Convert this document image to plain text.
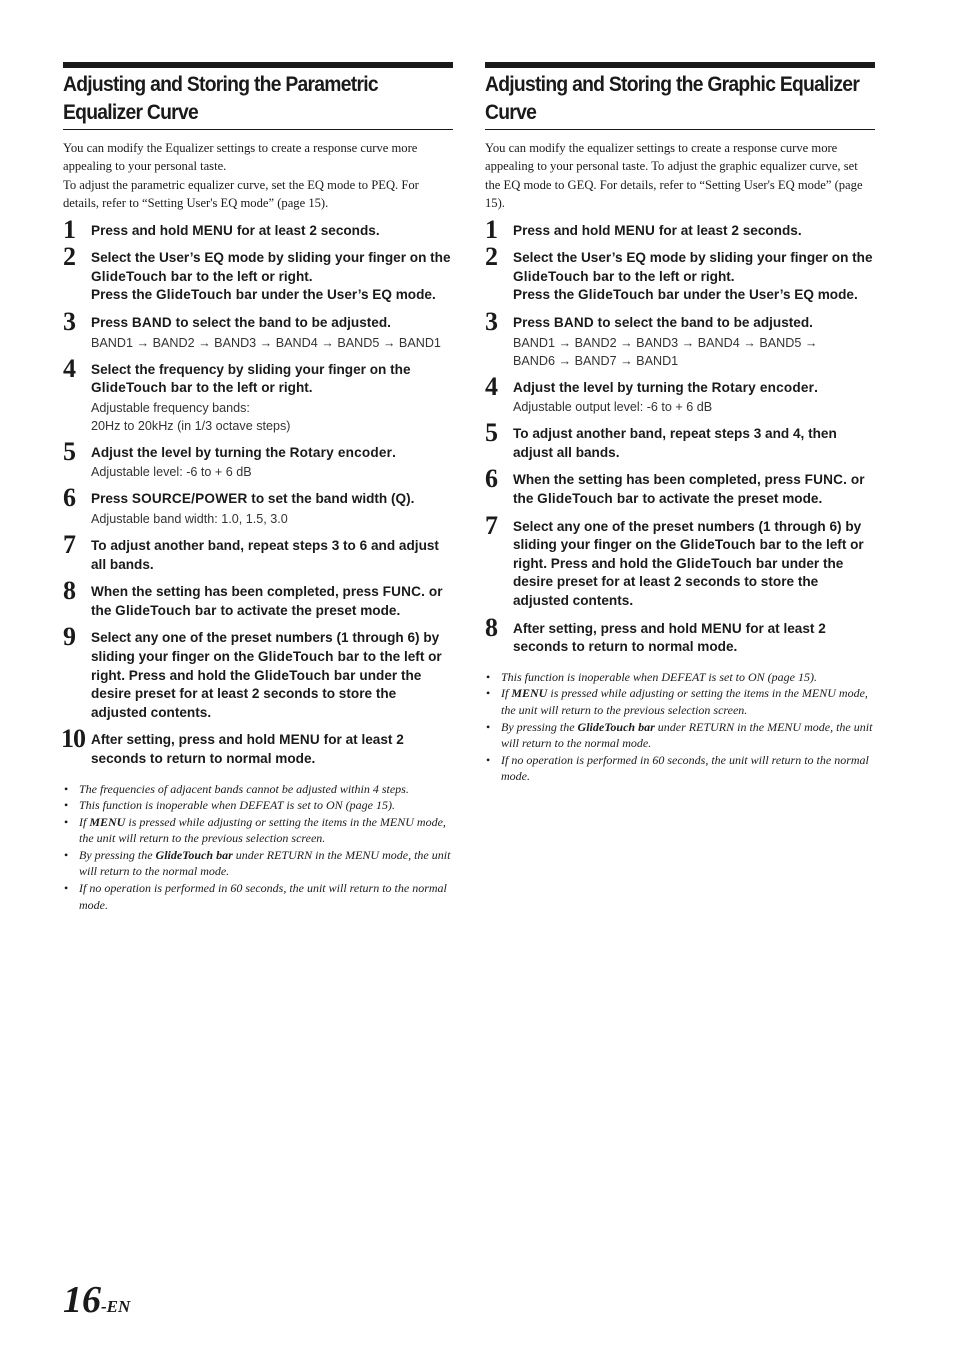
Adjusting and Storing the Parametric Equalizer Curve

You can modify the Equalizer settings to create a response curve more appealing to your personal taste.

To adjust the parametric equalizer curve, set the EQ mode to PEQ. For details, refer to “Setting User's EQ mode” (page 15).

1 Press and hold MENU for at least 2 seconds.
2 Select the User’s EQ mode by sliding your finger on the GlideTouch bar to the left or right.
Press the GlideTouch bar under the User’s EQ mode.
3 Press BAND to select the band to be adjusted.
BAND1 → BAND2 → BAND3 → BAND4 → BAND5 → BAND1
4 Select the frequency by sliding your finger on the GlideTouch bar to the left or right.
Adjustable frequency bands:
20Hz to 20kHz (in 1/3 octave steps)
5 Adjust the level by turning the Rotary encoder.
Adjustable level: -6 to + 6 dB
6 Press SOURCE/POWER to set the band width (Q).
Adjustable band width: 1.0, 1.5, 3.0
7 To adjust another band, repeat steps 3 to 6 and adjust all bands.
8 When the setting has been completed, press FUNC. or the GlideTouch bar to activate the preset mode.
9 Select any one of the preset numbers (1 through 6) by sliding your finger on the GlideTouch bar to the left or right. Press and hold the GlideTouch bar under the desire preset for at least 2 seconds to store the adjusted contents.
10 After setting, press and hold MENU for at least 2 seconds to return to normal mode.
• The frequencies of adjacent bands cannot be adjusted within 4 steps.
• This function is inoperable when DEFEAT is set to ON (page 15).
• If MENU is pressed while adjusting or setting the items in the MENU mode, the unit will return to the previous selection screen.
• By pressing the GlideTouch bar under RETURN in the MENU mode, the unit will return to the normal mode.
• If no operation is performed in 60 seconds, the unit will return to the normal mode.
Adjusting and Storing the Graphic Equalizer Curve

You can modify the equalizer settings to create a response curve more appealing to your personal taste. To adjust the graphic equalizer curve, set the EQ mode to GEQ. For details, refer to “Setting User's EQ mode” (page 15).

1 Press and hold MENU for at least 2 seconds.
2 Select the User’s EQ mode by sliding your finger on the GlideTouch bar to the left or right.
Press the GlideTouch bar under the User’s EQ mode.
3 Press BAND to select the band to be adjusted.
BAND1 → BAND2 → BAND3 → BAND4 → BAND5 →
BAND6 → BAND7 → BAND1
4 Adjust the level by turning the Rotary encoder.
Adjustable output level: -6 to + 6 dB
5 To adjust another band, repeat steps 3 and 4, then adjust all bands.
6 When the setting has been completed, press FUNC. or the GlideTouch bar to activate the preset mode.
7 Select any one of the preset numbers (1 through 6) by sliding your finger on the GlideTouch bar to the left or right. Press and hold the GlideTouch bar under the desire preset for at least 2 seconds to store the adjusted contents.
8 After setting, press and hold MENU for at least 2 seconds to return to normal mode.
• This function is inoperable when DEFEAT is set to ON (page 15).
• If MENU is pressed while adjusting or setting the items in the MENU mode, the unit will return to the previous selection screen.
• By pressing the GlideTouch bar under RETURN in the MENU mode, the unit will return to the normal mode.
• If no operation is performed in 60 seconds, the unit will return to the normal mode.
16-EN
